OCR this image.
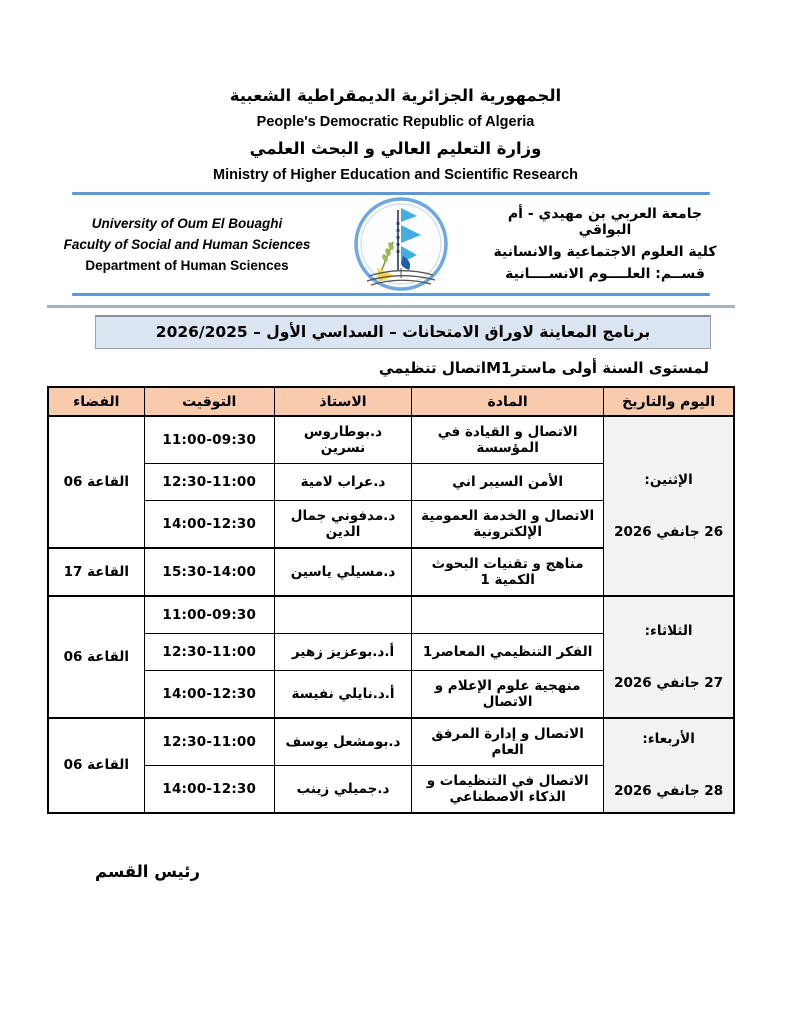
الجمهورية الجزائرية الديمقراطية الشعبية
People's Democratic Republic of Algeria
وزارة التعليم العالي و البحث العلمي
Ministry of Higher Education and Scientific Research
University of Oum El Bouaghi
Faculty of Social and Human Sciences
Department of Human Sciences
جامعة العربي بن مهيدي - أم البواقي
كلية العلوم الاجتماعية والانسانية
قســم: العلــــوم الانســــانية
برنامج المعاينة لاوراق الامتحانات – السداسي الأول – 2026/2025
لمستوى السنة أولى ماسترM1اتصال تنظيمي
اليوم والتاريخ	المادة	الاستاذ	التوقيت	الفضاء

الإثنين:
26 جانفي 2026	الاتصال و القيادة في المؤسسة	د.بوطاروس نسرين	11:00-09:30	القاعة 06
	الأمن السيبر اني	د.عراب لامية	12:30-11:00	
	الاتصال و الخدمة العمومية الإلكترونية	د.مدفوني جمال الدين	14:00-12:30	
	مناهج و تقنيات البحوث الكمية 1	د.مسيلي ياسين	15:30-14:00	القاعة 17

الثلاثاء:
27 جانفي 2026			11:00-09:30	القاعة 06
	الفكر التنظيمي المعاصر1	أ.د.بوعزيز زهير	12:30-11:00	
	منهجية علوم الإعلام و الاتصال	أ.د.نايلي نفيسة	14:00-12:30	

الأربعاء:
28 جانفي 2026	الاتصال و إدارة المرفق العام	د.بومشعل يوسف	12:30-11:00	القاعة 06
	الاتصال في التنظيمات و الذكاء الاصطناعي	د.جميلي زينب	14:00-12:30	
رئيس القسم
